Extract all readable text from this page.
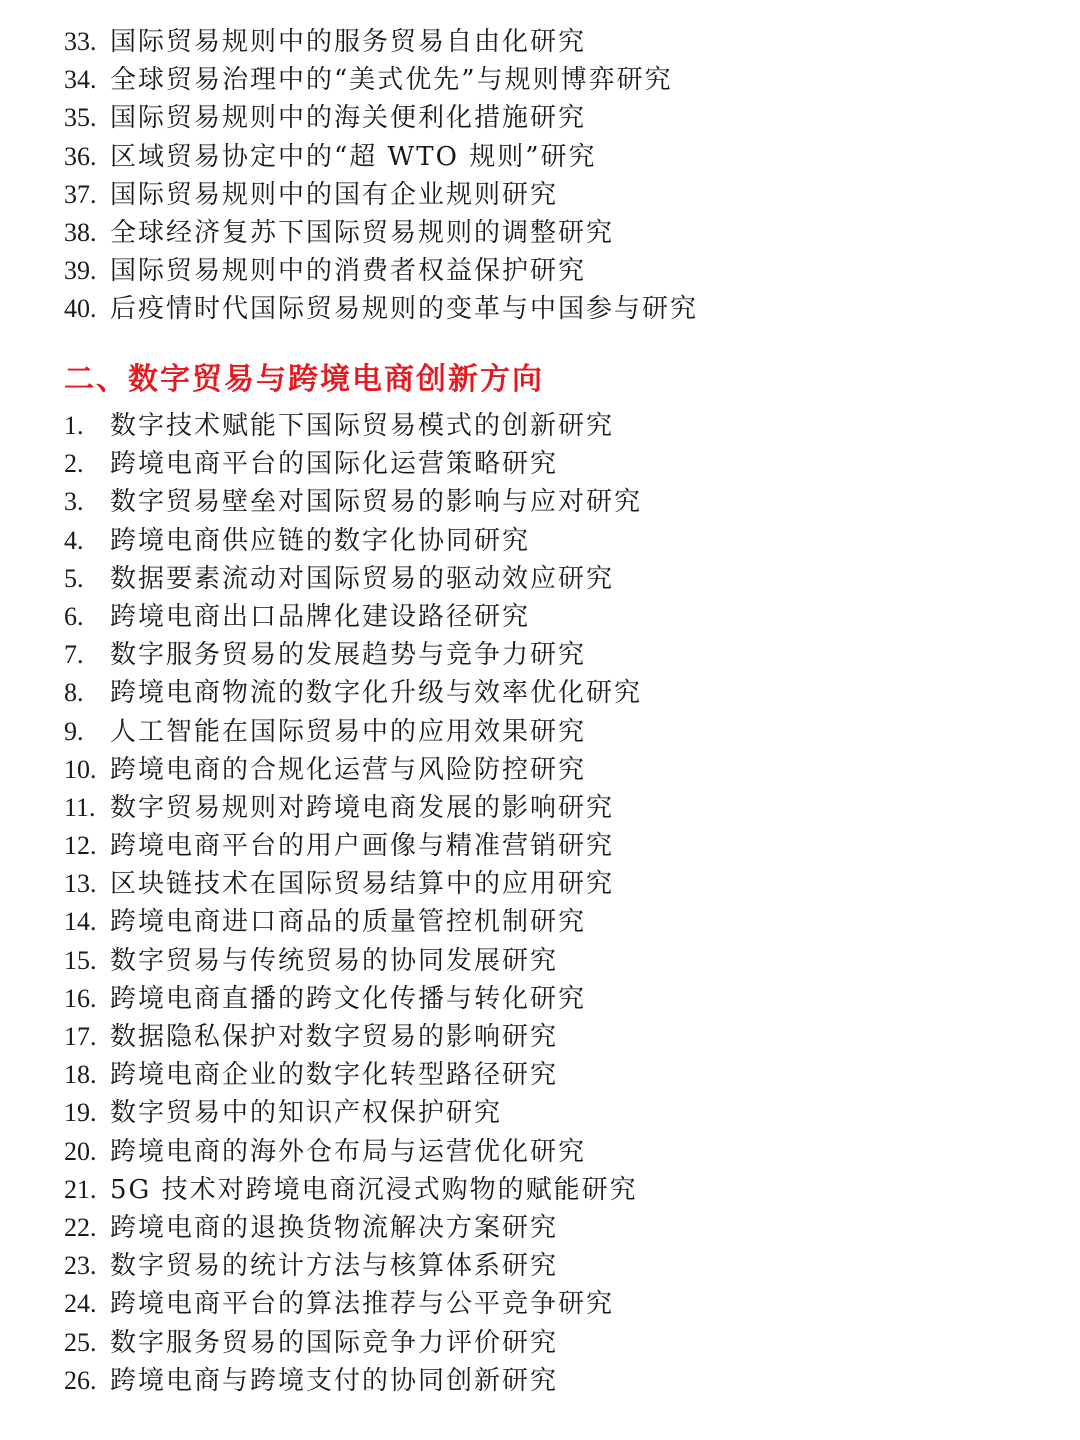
33. 国际贸易规则中的服务贸易自由化研究
34. 全球贸易治理中的“美式优先”与规则博弈研究
35. 国际贸易规则中的海关便利化措施研究
36. 区域贸易协定中的“超 WTO 规则”研究
37. 国际贸易规则中的国有企业规则研究
38. 全球经济复苏下国际贸易规则的调整研究
39. 国际贸易规则中的消费者权益保护研究
40. 后疫情时代国际贸易规则的变革与中国参与研究
二、数字贸易与跨境电商创新方向
1.	数字技术赋能下国际贸易模式的创新研究
2.	跨境电商平台的国际化运营策略研究
3.	数字贸易壁垒对国际贸易的影响与应对研究
4.	跨境电商供应链的数字化协同研究
5.	数据要素流动对国际贸易的驱动效应研究
6.	跨境电商出口品牌化建设路径研究
7.	数字服务贸易的发展趋势与竞争力研究
8.	跨境电商物流的数字化升级与效率优化研究
9.	人工智能在国际贸易中的应用效果研究
10. 跨境电商的合规化运营与风险防控研究
11. 数字贸易规则对跨境电商发展的影响研究
12. 跨境电商平台的用户画像与精准营销研究
13. 区块链技术在国际贸易结算中的应用研究
14. 跨境电商进口商品的质量管控机制研究
15. 数字贸易与传统贸易的协同发展研究
16. 跨境电商直播的跨文化传播与转化研究
17. 数据隐私保护对数字贸易的影响研究
18. 跨境电商企业的数字化转型路径研究
19. 数字贸易中的知识产权保护研究
20. 跨境电商的海外仓布局与运营优化研究
21. 5G 技术对跨境电商沉浸式购物的赋能研究
22. 跨境电商的退换货物流解决方案研究
23. 数字贸易的统计方法与核算体系研究
24. 跨境电商平台的算法推荐与公平竞争研究
25. 数字服务贸易的国际竞争力评价研究
26. 跨境电商与跨境支付的协同创新研究
